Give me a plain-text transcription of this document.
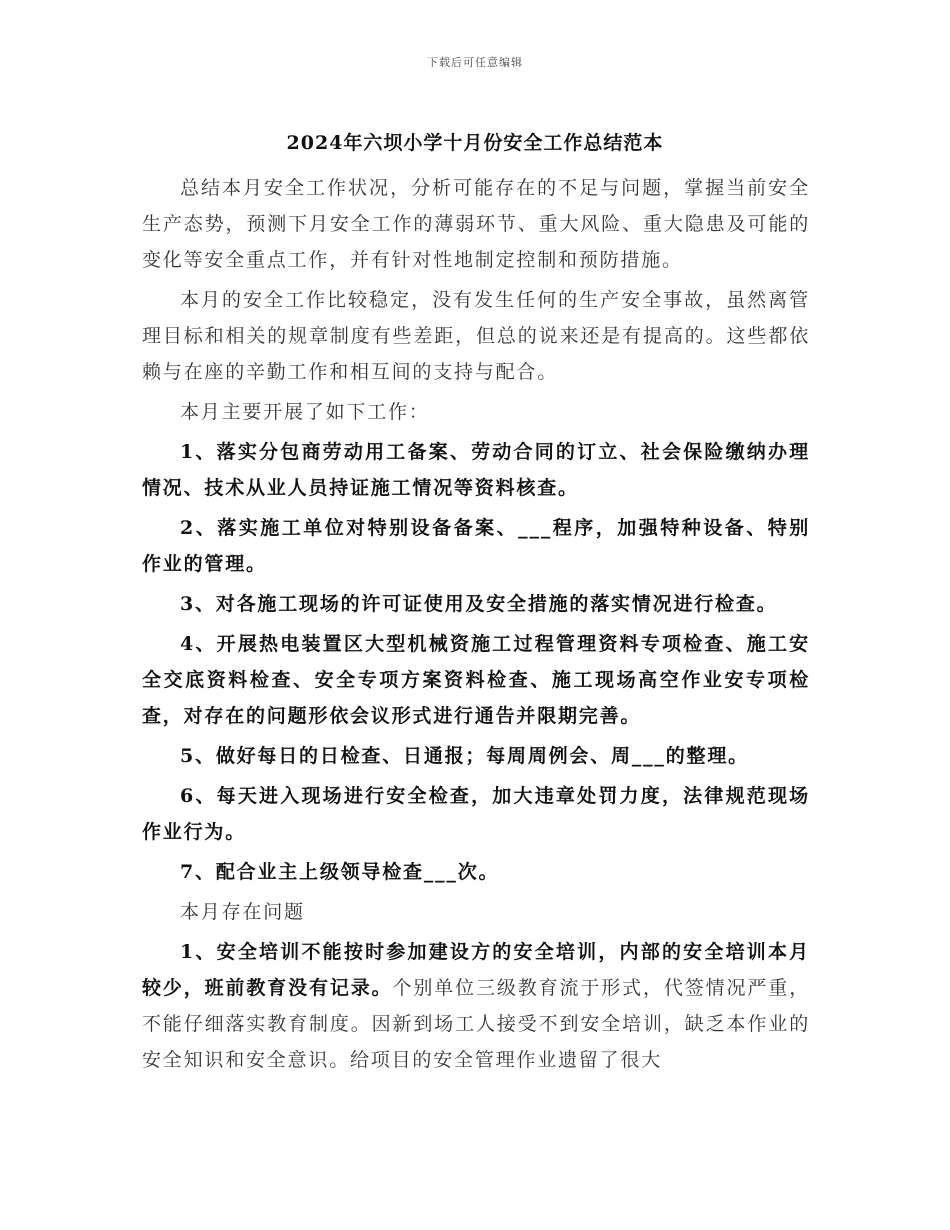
下载后可任意编辑
2024年六坝小学十月份安全工作总结范本

总结本月安全工作状况，分析可能存在的不足与问题，掌握当前安全生产态势，预测下月安全工作的薄弱环节、重大风险、重大隐患及可能的变化等安全重点工作，并有针对性地制定控制和预防措施。

本月的安全工作比较稳定，没有发生任何的生产安全事故，虽然离管理目标和相关的规章制度有些差距，但总的说来还是有提高的。这些都依赖与在座的辛勤工作和相互间的支持与配合。

本月主要开展了如下工作：

1、落实分包商劳动用工备案、劳动合同的订立、社会保险缴纳办理情况、技术从业人员持证施工情况等资料核查。

2、落实施工单位对特别设备备案、___程序，加强特种设备、特别作业的管理。

3、对各施工现场的许可证使用及安全措施的落实情况进行检查。

4、开展热电装置区大型机械资施工过程管理资料专项检查、施工安全交底资料检查、安全专项方案资料检查、施工现场高空作业安专项检查，对存在的问题形依会议形式进行通告并限期完善。

5、做好每日的日检查、日通报；每周周例会、周___的整理。

6、每天进入现场进行安全检查，加大违章处罚力度，法律规范现场作业行为。

7、配合业主上级领导检查___次。

本月存在问题

1、安全培训不能按时参加建设方的安全培训，内部的安全培训本月较少，班前教育没有记录。个别单位三级教育流于形式，代签情况严重，不能仔细落实教育制度。因新到场工人接受不到安全培训，缺乏本作业的安全知识和安全意识。给项目的安全管理作业遗留了很大
